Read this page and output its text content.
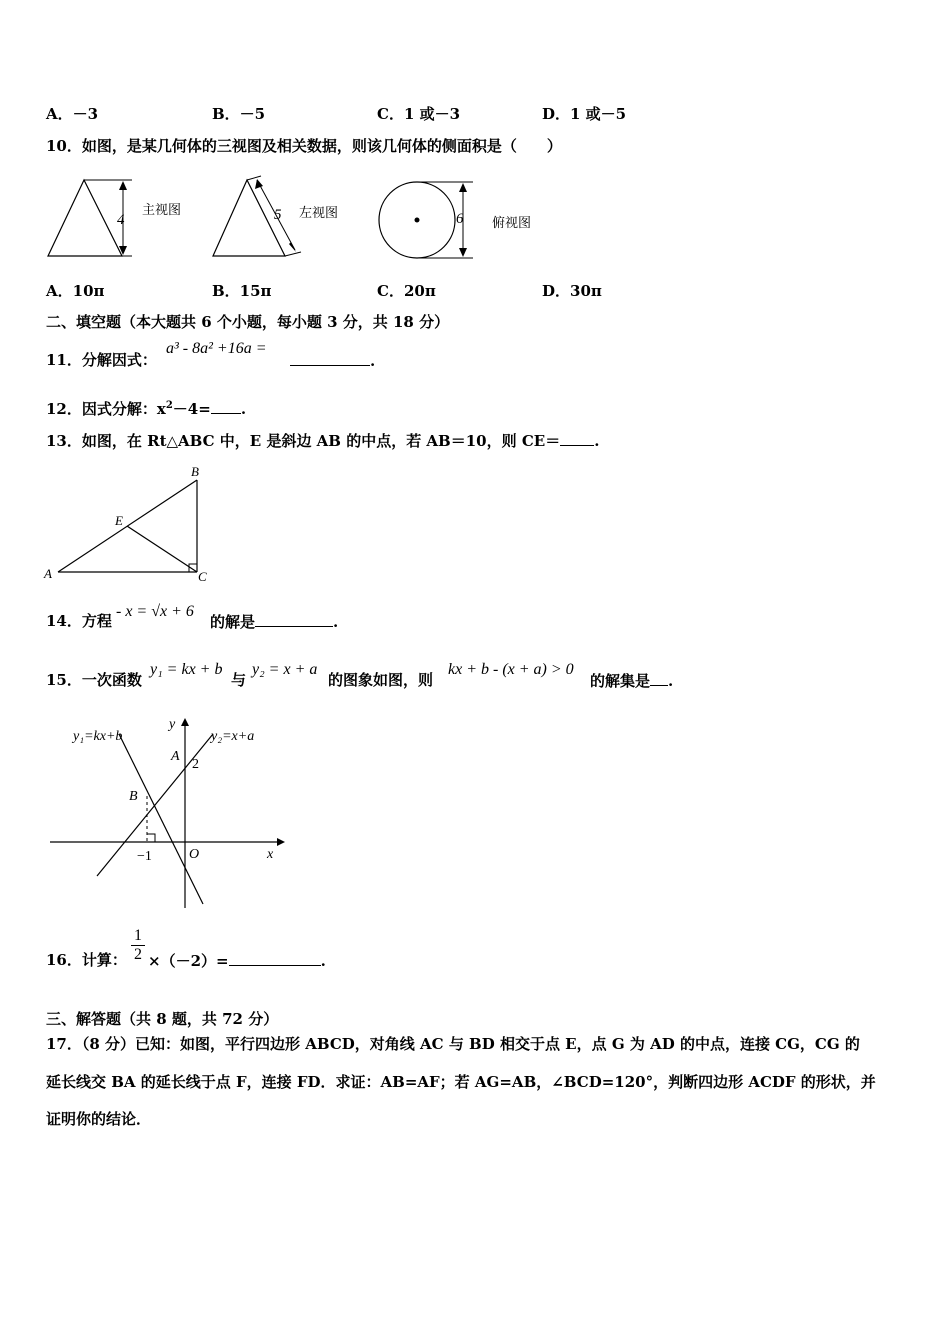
A．－3	B．－5	C．1 或－3	D．1 或－5
10．如图，是某几何体的三视图及相关数据，则该几何体的侧面积是（　　）
4
主视图	5 左视图	6 俯视图
A．10π	B．15π	C．20π	D．30π
二、填空题（本大题共 6 个小题，每小题 3 分，共 18 分）
11．分解因式：
a³ - 8a² +16a =
.
12．因式分解：$x^2-4=$ .
13．如图，在 Rt△ABC 中，E 是斜边 AB 的中点，若 AB＝10，则 CE＝ .
A
B
C
E
14．方程
- x = √x + 6
的解是	.
15．一次函数
y₁ = kx + b
与
y₂ = x + a
的图象如图，则
kx + b - (x + a) > 0
的解集是 .
y₁=kx+b	y₂=x+a
y
x
A
2
B
O
−1
16．计算： $\frac{1}{2} \times(-2)=$	.
三、解答题（共 8 题，共 72 分）
17．（8 分）已知：如图，平行四边形 ABCD，对角线 AC 与 BD 相交于点 E，点 G 为 AD 的中点，连接 CG，CG 的
延长线交 BA 的延长线于点 F，连接 FD．求证：AB=AF；若 AG=AB，∠BCD=120°，判断四边形 ACDF 的形状，并
证明你的结论．
